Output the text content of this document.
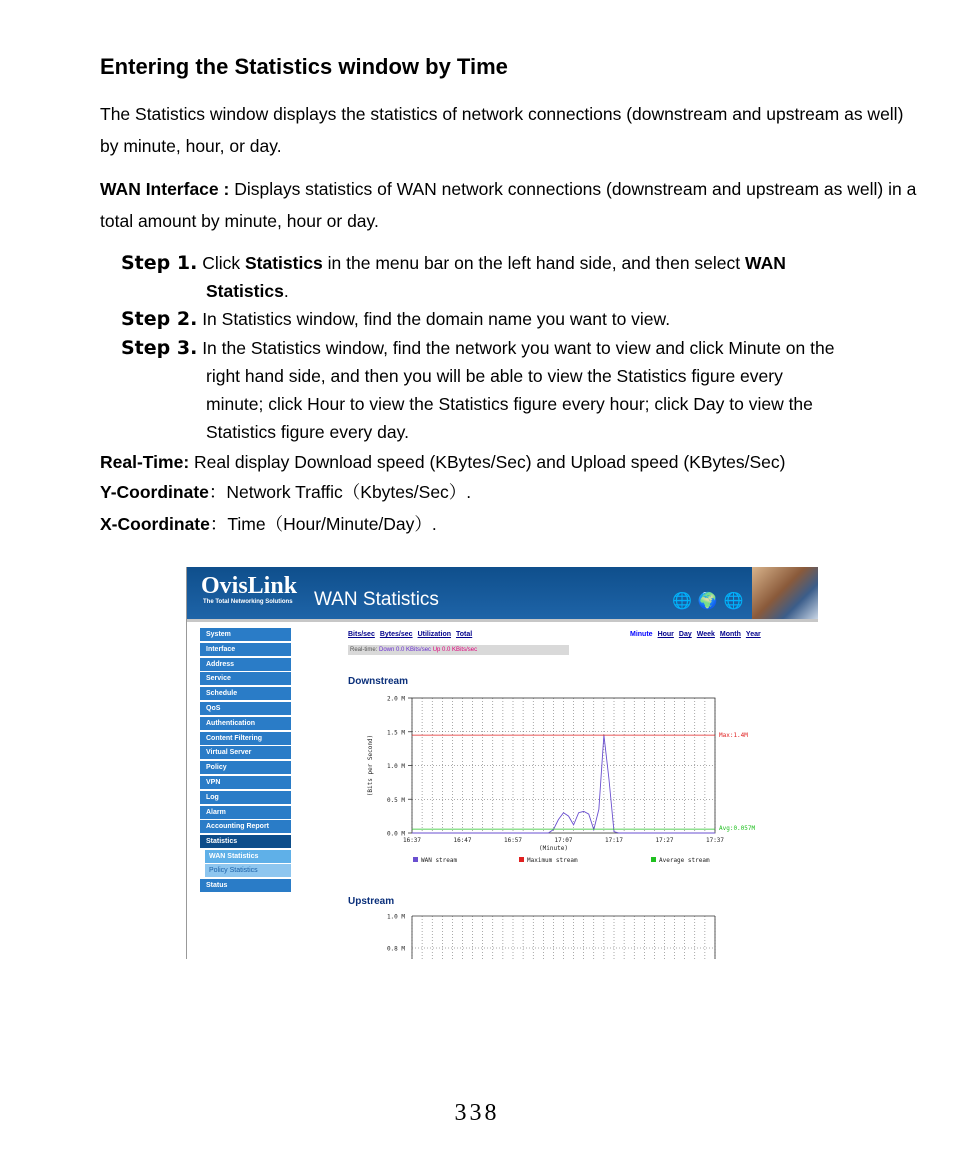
Entering the Statistics window by Time
The Statistics window displays the statistics of network connections (downstream and upstream as well) by minute, hour, or day.
WAN Interface : Displays statistics of WAN network connections (downstream and upstream as well) in a total amount by minute, hour or day.
Step 1. Click Statistics in the menu bar on the left hand side, and then select WAN
Statistics.
Step 2. In Statistics window, find the domain name you want to view.
Step 3. In the Statistics window, find the network you want to view and click Minute on the
right hand side, and then you will be able to view the Statistics figure every
minute; click Hour to view the Statistics figure every hour; click Day to view the
Statistics figure every day.
Real-Time: Real display Download speed (KBytes/Sec) and Upload speed (KBytes/Sec)
Y-Coordinate：Network Traffic（Kbytes/Sec）.
X-Coordinate：Time（Hour/Minute/Day）.
OvisLink
The Total Networking Solutions WAN Statistics	🌐🌍🌐
System
Interface
Address
Service
Schedule
QoS
Authentication
Content Filtering
Virtual Server
Policy
VPN
Log
Alarm
Accounting Report
Statistics
WAN Statistics
Policy Statistics
Status
Bits/sec Bytes/sec Utilization Total	Minute Hour Day Week Month Year
Real-time: Down 0.0 KBits/sec Up 0.0 KBits/sec
Downstream
0.0 M
0.5 M
1.0 M
1.5 M
2.0 M
16:37	16:47	16:57	17:07	17:17	17:27	17:37
(Minute)
(Bits per Second)	Max:1.4M
Avg:0.057M
WAN stream	Maximum stream	Average stream
Upstream
1.0 M
0.8 M
338
